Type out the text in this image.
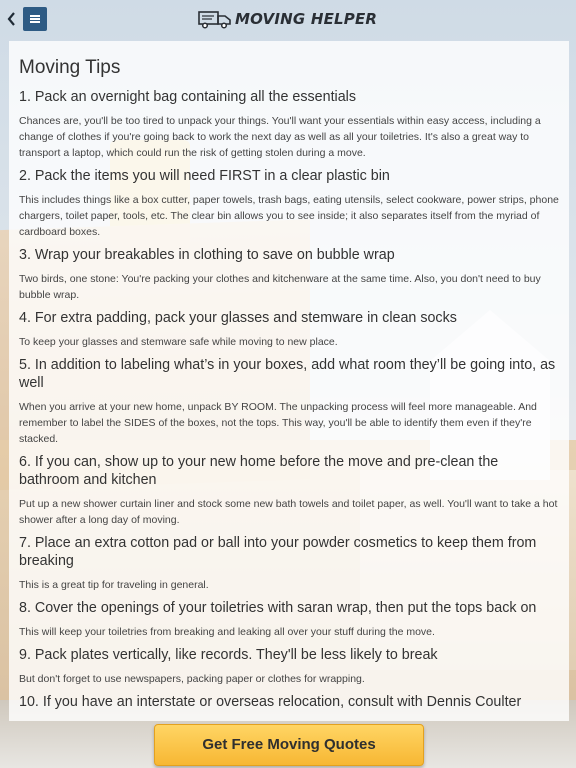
MOVING HELPER
Moving Tips

1. Pack an overnight bag containing all the essentials

Chances are, you'll be too tired to unpack your things. You'll want your essentials within easy access, including a change of clothes if you're going back to work the next day as well as all your toiletries. It's also a great way to transport a laptop, which could run the risk of getting stolen during a move.

2. Pack the items you will need FIRST in a clear plastic bin

This includes things like a box cutter, paper towels, trash bags, eating utensils, select cookware, power strips, phone chargers, toilet paper, tools, etc. The clear bin allows you to see inside; it also separates itself from the myriad of cardboard boxes.

3. Wrap your breakables in clothing to save on bubble wrap

Two birds, one stone: You're packing your clothes and kitchenware at the same time. Also, you don't need to buy bubble wrap.

4. For extra padding, pack your glasses and stemware in clean socks

To keep your glasses and stemware safe while moving to new place.

5. In addition to labeling what’s in your boxes, add what room they’ll be going into, as well

When you arrive at your new home, unpack BY ROOM. The unpacking process will feel more manageable. And remember to label the SIDES of the boxes, not the tops. This way, you'll be able to identify them even if they're stacked.

6. If you can, show up to your new home before the move and pre-clean the bathroom and kitchen

Put up a new shower curtain liner and stock some new bath towels and toilet paper, as well. You'll want to take a hot shower after a long day of moving.

7. Place an extra cotton pad or ball into your powder cosmetics to keep them from breaking

This is a great tip for traveling in general.

8. Cover the openings of your toiletries with saran wrap, then put the tops back on

This will keep your toiletries from breaking and leaking all over your stuff during the move.

9. Pack plates vertically, like records. They'll be less likely to break

But don't forget to use newspapers, packing paper or clothes for wrapping.

10. If you have an interstate or overseas relocation, consult with Dennis Coulter

Get Free Moving Quotes
